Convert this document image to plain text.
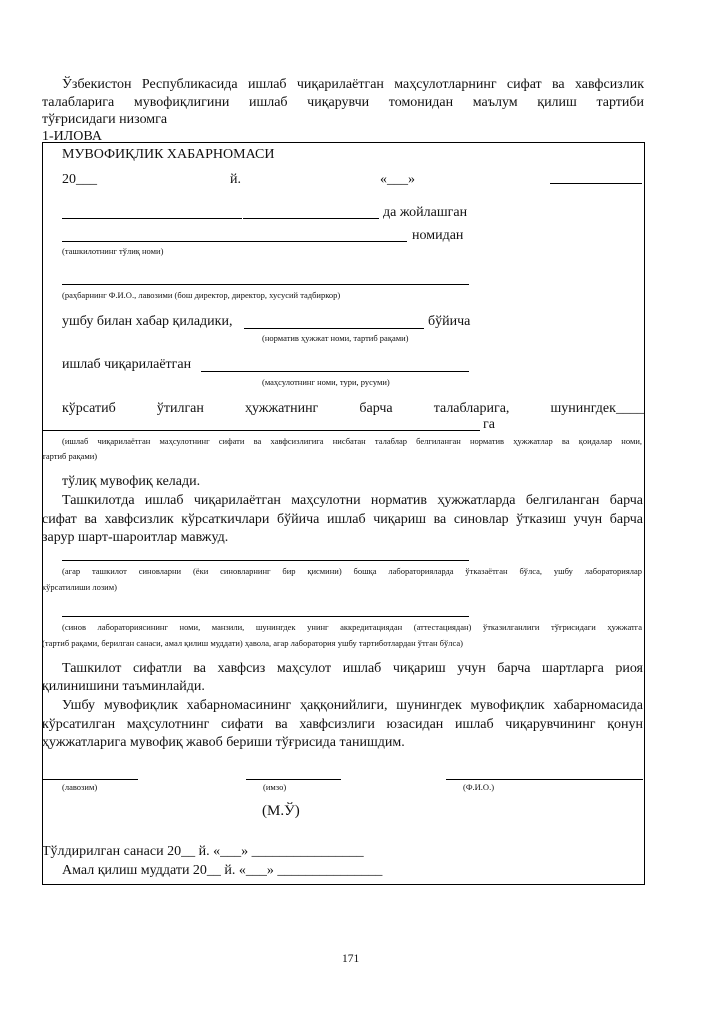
Ўзбекистон Республикасида ишлаб чиқарилаётган маҳсулотларнинг сифат ва хавфсизлик
талабларига мувофиқлигини ишлаб чиқарувчи томонидан маълум қилиш тартиби
тўғрисидаги низомга
1-ИЛОВА
МУВОФИҚЛИК ХАБАРНОМАСИ
20___	й.	«___»
да жойлашган
номидан
(ташкилотнинг тўлиқ номи)
(раҳбарнинг Ф.И.О., лавозими (бош директор, директор, хусусий тадбиркор)
ушбу билан хабар қиладики,	бўйича
(норматив ҳужжат номи, тартиб рақами)
ишлаб чиқарилаётган
(маҳсулотнинг номи, тури, русуми)
кўрсатиб	ўтилган	ҳужжатнинг	барча	талабларига,	шунингдек____
га
(ишлаб чиқарилаётган маҳсулотнинг сифати ва хавфсизлигига нисбатан талаблар белгиланган норматив ҳужжатлар ва қоидалар номи,
тартиб рақами)
тўлиқ мувофиқ келади.
Ташкилотда ишлаб чиқарилаётган маҳсулотни норматив ҳужжатларда белгиланган барча
сифат ва хавфсизлик кўрсаткичлари бўйича ишлаб чиқариш ва синовлар ўтказиш учун барча
зарур шарт-шароитлар мавжуд.
(агар ташкилот синовларни (ёки синовларнинг бир қисмини) бошқа лабораторияларда ўтказаётган бўлса, ушбу лабораториялар
кўрсатилиши лозим)
(синов лабораториясининг номи, манзили, шунингдек унинг аккредитациядан (аттестациядан) ўтказилганлиги тўғрисидаги ҳужжатга
(тартиб рақами, берилган санаси, амал қилиш муддати) ҳавола, агар лаборатория ушбу тартиботлардан ўтган бўлса)
Ташкилот сифатли ва хавфсиз маҳсулот ишлаб чиқариш учун барча шартларга риоя
қилинишини таъминлайди.
Ушбу мувофиқлик хабарномасининг ҳаққонийлиги, шунингдек мувофиқлик хабарномасида
кўрсатилган маҳсулотнинг сифати ва хавфсизлиги юзасидан ишлаб чиқарувчининг қонун
ҳужжатларига мувофиқ жавоб бериши тўғрисида танишдим.
(лавозим)	(имзо)	(Ф.И.О.)
(М.Ў)
Тўлдирилган санаси 20__ й. «___» ________________
Амал қилиш муддати 20__ й. «___» _______________
171
